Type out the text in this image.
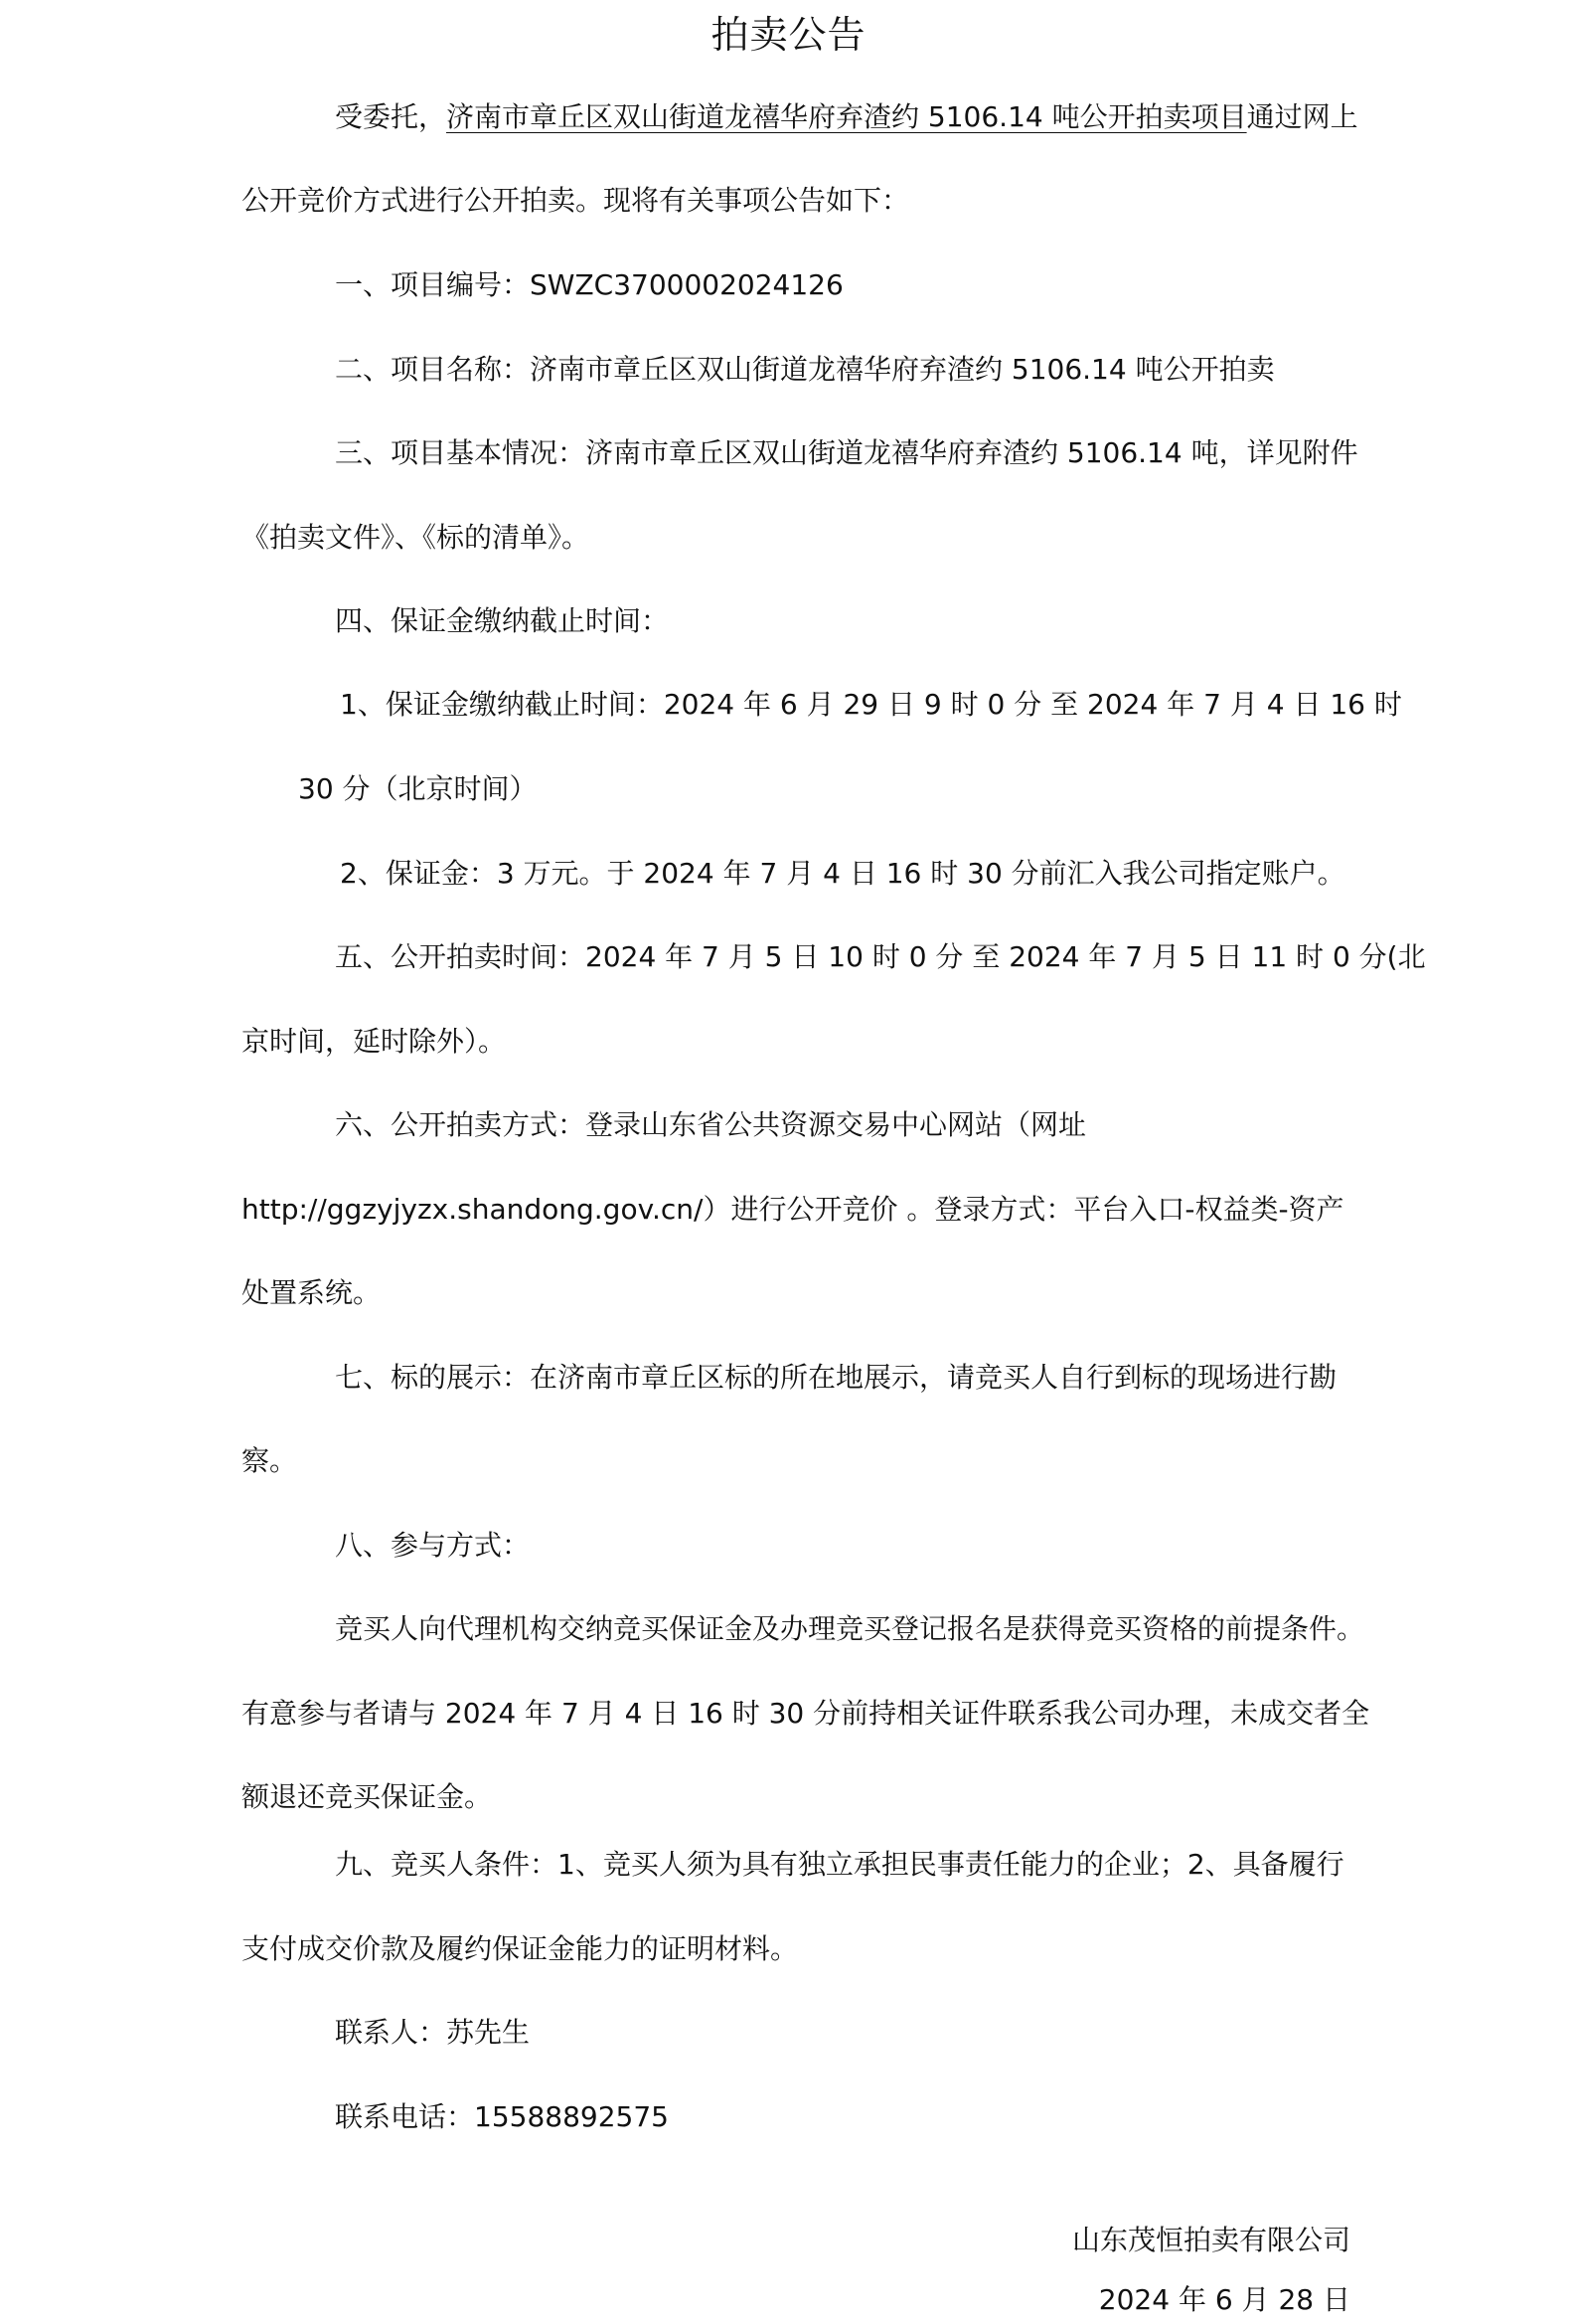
拍卖公告
受委托，济南市章丘区双山街道龙禧华府弃渣约 5106.14 吨公开拍卖项目通过网上
公开竞价方式进行公开拍卖。现将有关事项公告如下：
一、项目编号：SWZC3700002024126
二、项目名称：济南市章丘区双山街道龙禧华府弃渣约 5106.14 吨公开拍卖
三、项目基本情况：济南市章丘区双山街道龙禧华府弃渣约 5106.14 吨，详见附件
《拍卖文件》、《标的清单》。
四、保证金缴纳截止时间：
1、保证金缴纳截止时间：2024 年 6 月 29 日 9 时 0 分 至 2024 年 7 月 4 日 16 时
30 分（北京时间）
2、保证金：3 万元。于 2024 年 7 月 4 日 16 时 30 分前汇入我公司指定账户。
五、公开拍卖时间：2024 年 7 月 5 日 10 时 0 分 至 2024 年 7 月 5 日 11 时 0 分(北
京时间，延时除外）。
六、公开拍卖方式：登录山东省公共资源交易中心网站（网址
http://ggzyjyzx.shandong.gov.cn/）进行公开竞价 。登录方式：平台入口-权益类-资产
处置系统。
七、标的展示：在济南市章丘区标的所在地展示，请竞买人自行到标的现场进行勘
察。
八、参与方式：
竞买人向代理机构交纳竞买保证金及办理竞买登记报名是获得竞买资格的前提条件。
有意参与者请与 2024 年 7 月 4 日 16 时 30 分前持相关证件联系我公司办理，未成交者全
额退还竞买保证金。
九、竞买人条件：1、竞买人须为具有独立承担民事责任能力的企业；2、具备履行
支付成交价款及履约保证金能力的证明材料。
联系人：苏先生
联系电话：15588892575
山东茂恒拍卖有限公司
2024 年 6 月 28 日
